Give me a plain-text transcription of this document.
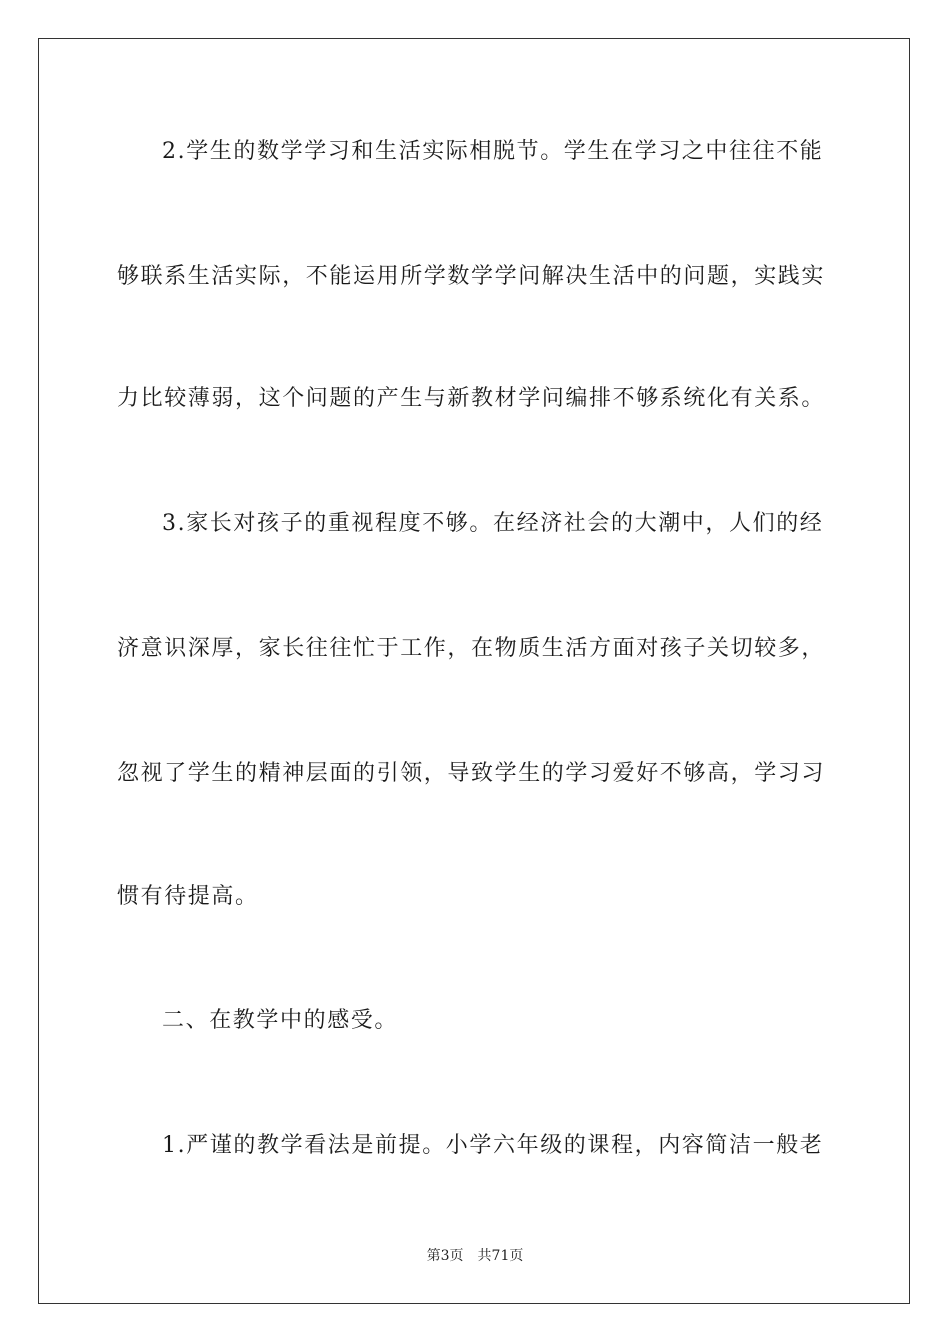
2.学生的数学学习和生活实际相脱节。学生在学习之中往往不能
够联系生活实际，不能运用所学数学学问解决生活中的问题，实践实
力比较薄弱，这个问题的产生与新教材学问编排不够系统化有关系。
3.家长对孩子的重视程度不够。在经济社会的大潮中，人们的经
济意识深厚，家长往往忙于工作，在物质生活方面对孩子关切较多，
忽视了学生的精神层面的引领，导致学生的学习爱好不够高，学习习
惯有待提高。
二、在教学中的感受。
1.严谨的教学看法是前提。小学六年级的课程，内容简洁一般老
第3页 共71页
